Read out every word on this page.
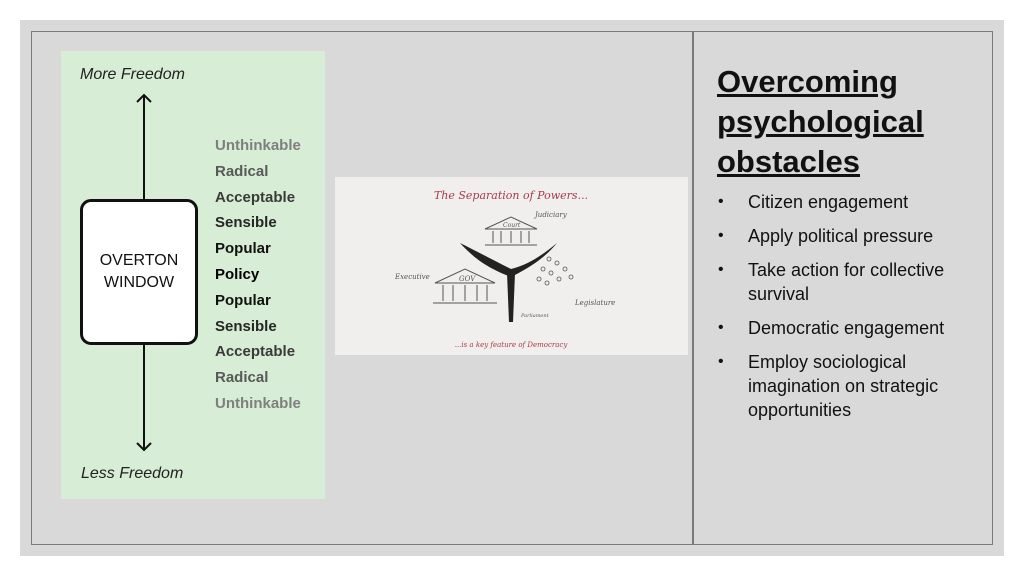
More Freedom
Less Freedom
OVERTON
WINDOW
Unthinkable
Radical
Acceptable
Sensible
Popular
Policy
Popular
Sensible
Acceptable
Radical
Unthinkable
The Separation of Powers...
...is a key feature of Democracy
Court
Judiciary
GOV
Executive
Legislature
Parliament
Overcoming psychological obstacles
• Citizen engagement
• Apply political pressure
• Take action for collective survival
• Democratic engagement
• Employ sociological imagination on strategic opportunities
